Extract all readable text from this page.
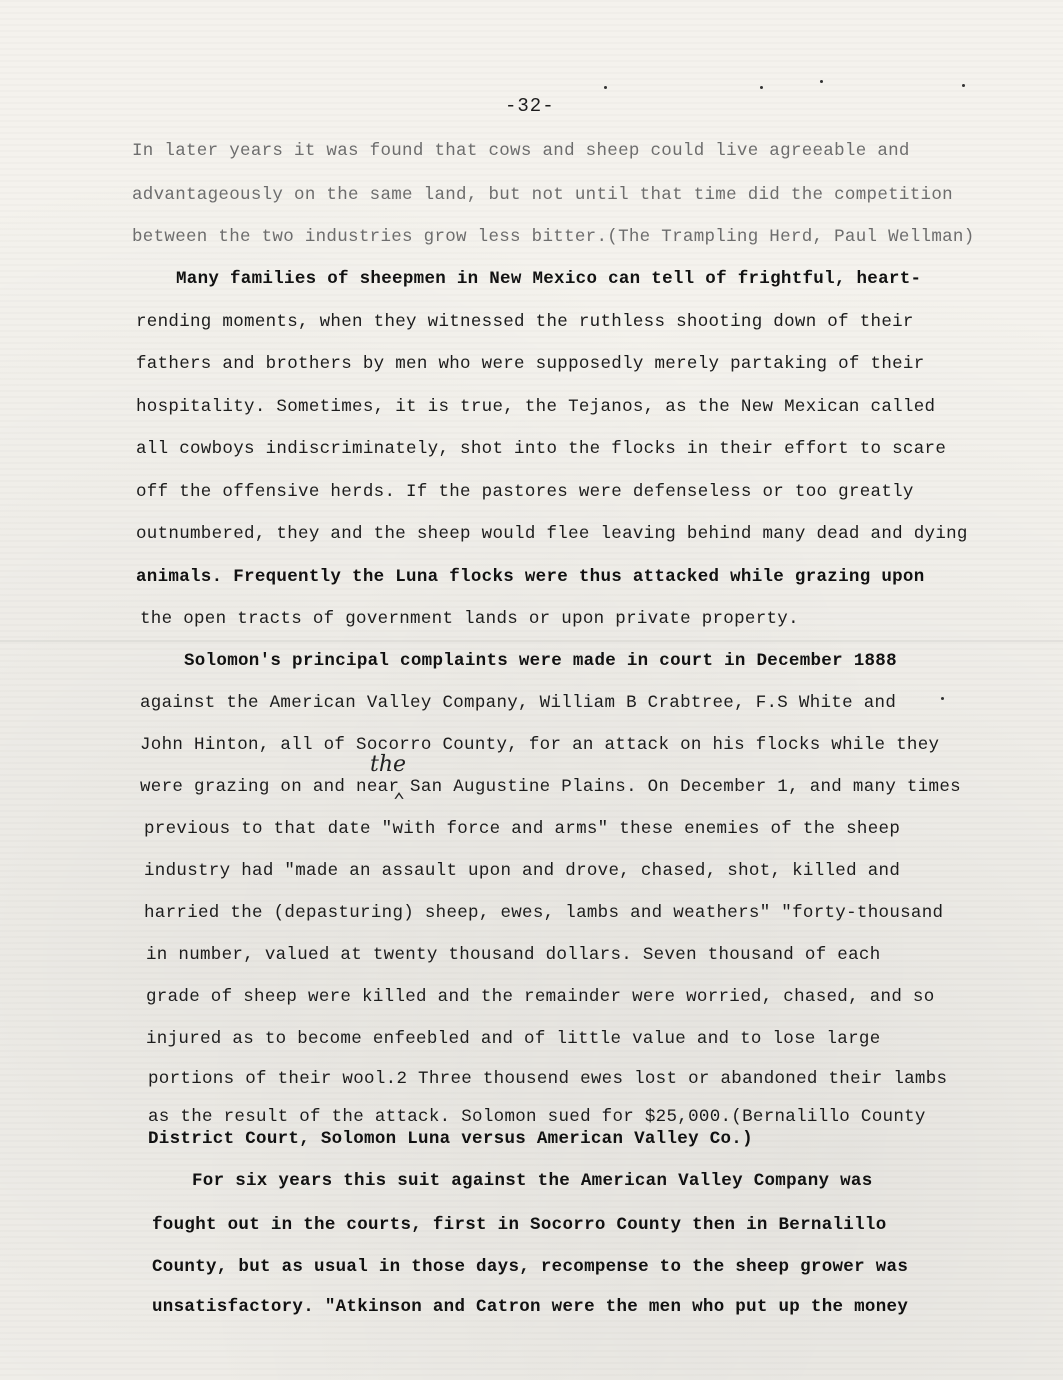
-32-
In later years it was found that cows and sheep could live agreeable and
advantageously on the same land, but not until that time did the competition
between the two industries grow less bitter.(The Trampling Herd, Paul Wellman)
Many families of sheepmen in New Mexico can tell of frightful, heart-
rending moments, when they witnessed the ruthless shooting down of their
fathers and brothers by men who were supposedly merely partaking of their
hospitality. Sometimes, it is true, the Tejanos, as the New Mexican called
all cowboys indiscriminately, shot into the flocks in their effort to scare
off the offensive herds. If the pastores were defenseless or too greatly
outnumbered, they and the sheep would flee leaving behind many dead and dying
animals. Frequently the Luna flocks were thus attacked while grazing upon
the open tracts of government lands or upon private property.
Solomon's principal complaints were made in court in December 1888
against the American Valley Company, William B Crabtree, F.S White and
John Hinton, all of Socorro County, for an attack on his flocks while they
the
were grazing on and near San Augustine Plains. On December 1, and many times
⌃
previous to that date "with force and arms" these enemies of the sheep
industry had "made an assault upon and drove, chased, shot, killed and
harried the (depasturing) sheep, ewes, lambs and weathers" "forty-thousand
in number, valued at twenty thousand dollars. Seven thousand of each
grade of sheep were killed and the remainder were worried, chased, and so
injured as to become enfeebled and of little value and to lose large
portions of their wool.2 Three thousend ewes lost or abandoned their lambs
as the result of the attack. Solomon sued for $25,000.(Bernalillo County
District Court, Solomon Luna versus American Valley Co.)
For six years this suit against the American Valley Company was
fought out in the courts, first in Socorro County then in Bernalillo
County, but as usual in those days, recompense to the sheep grower was
unsatisfactory. "Atkinson and Catron were the men who put up the money
